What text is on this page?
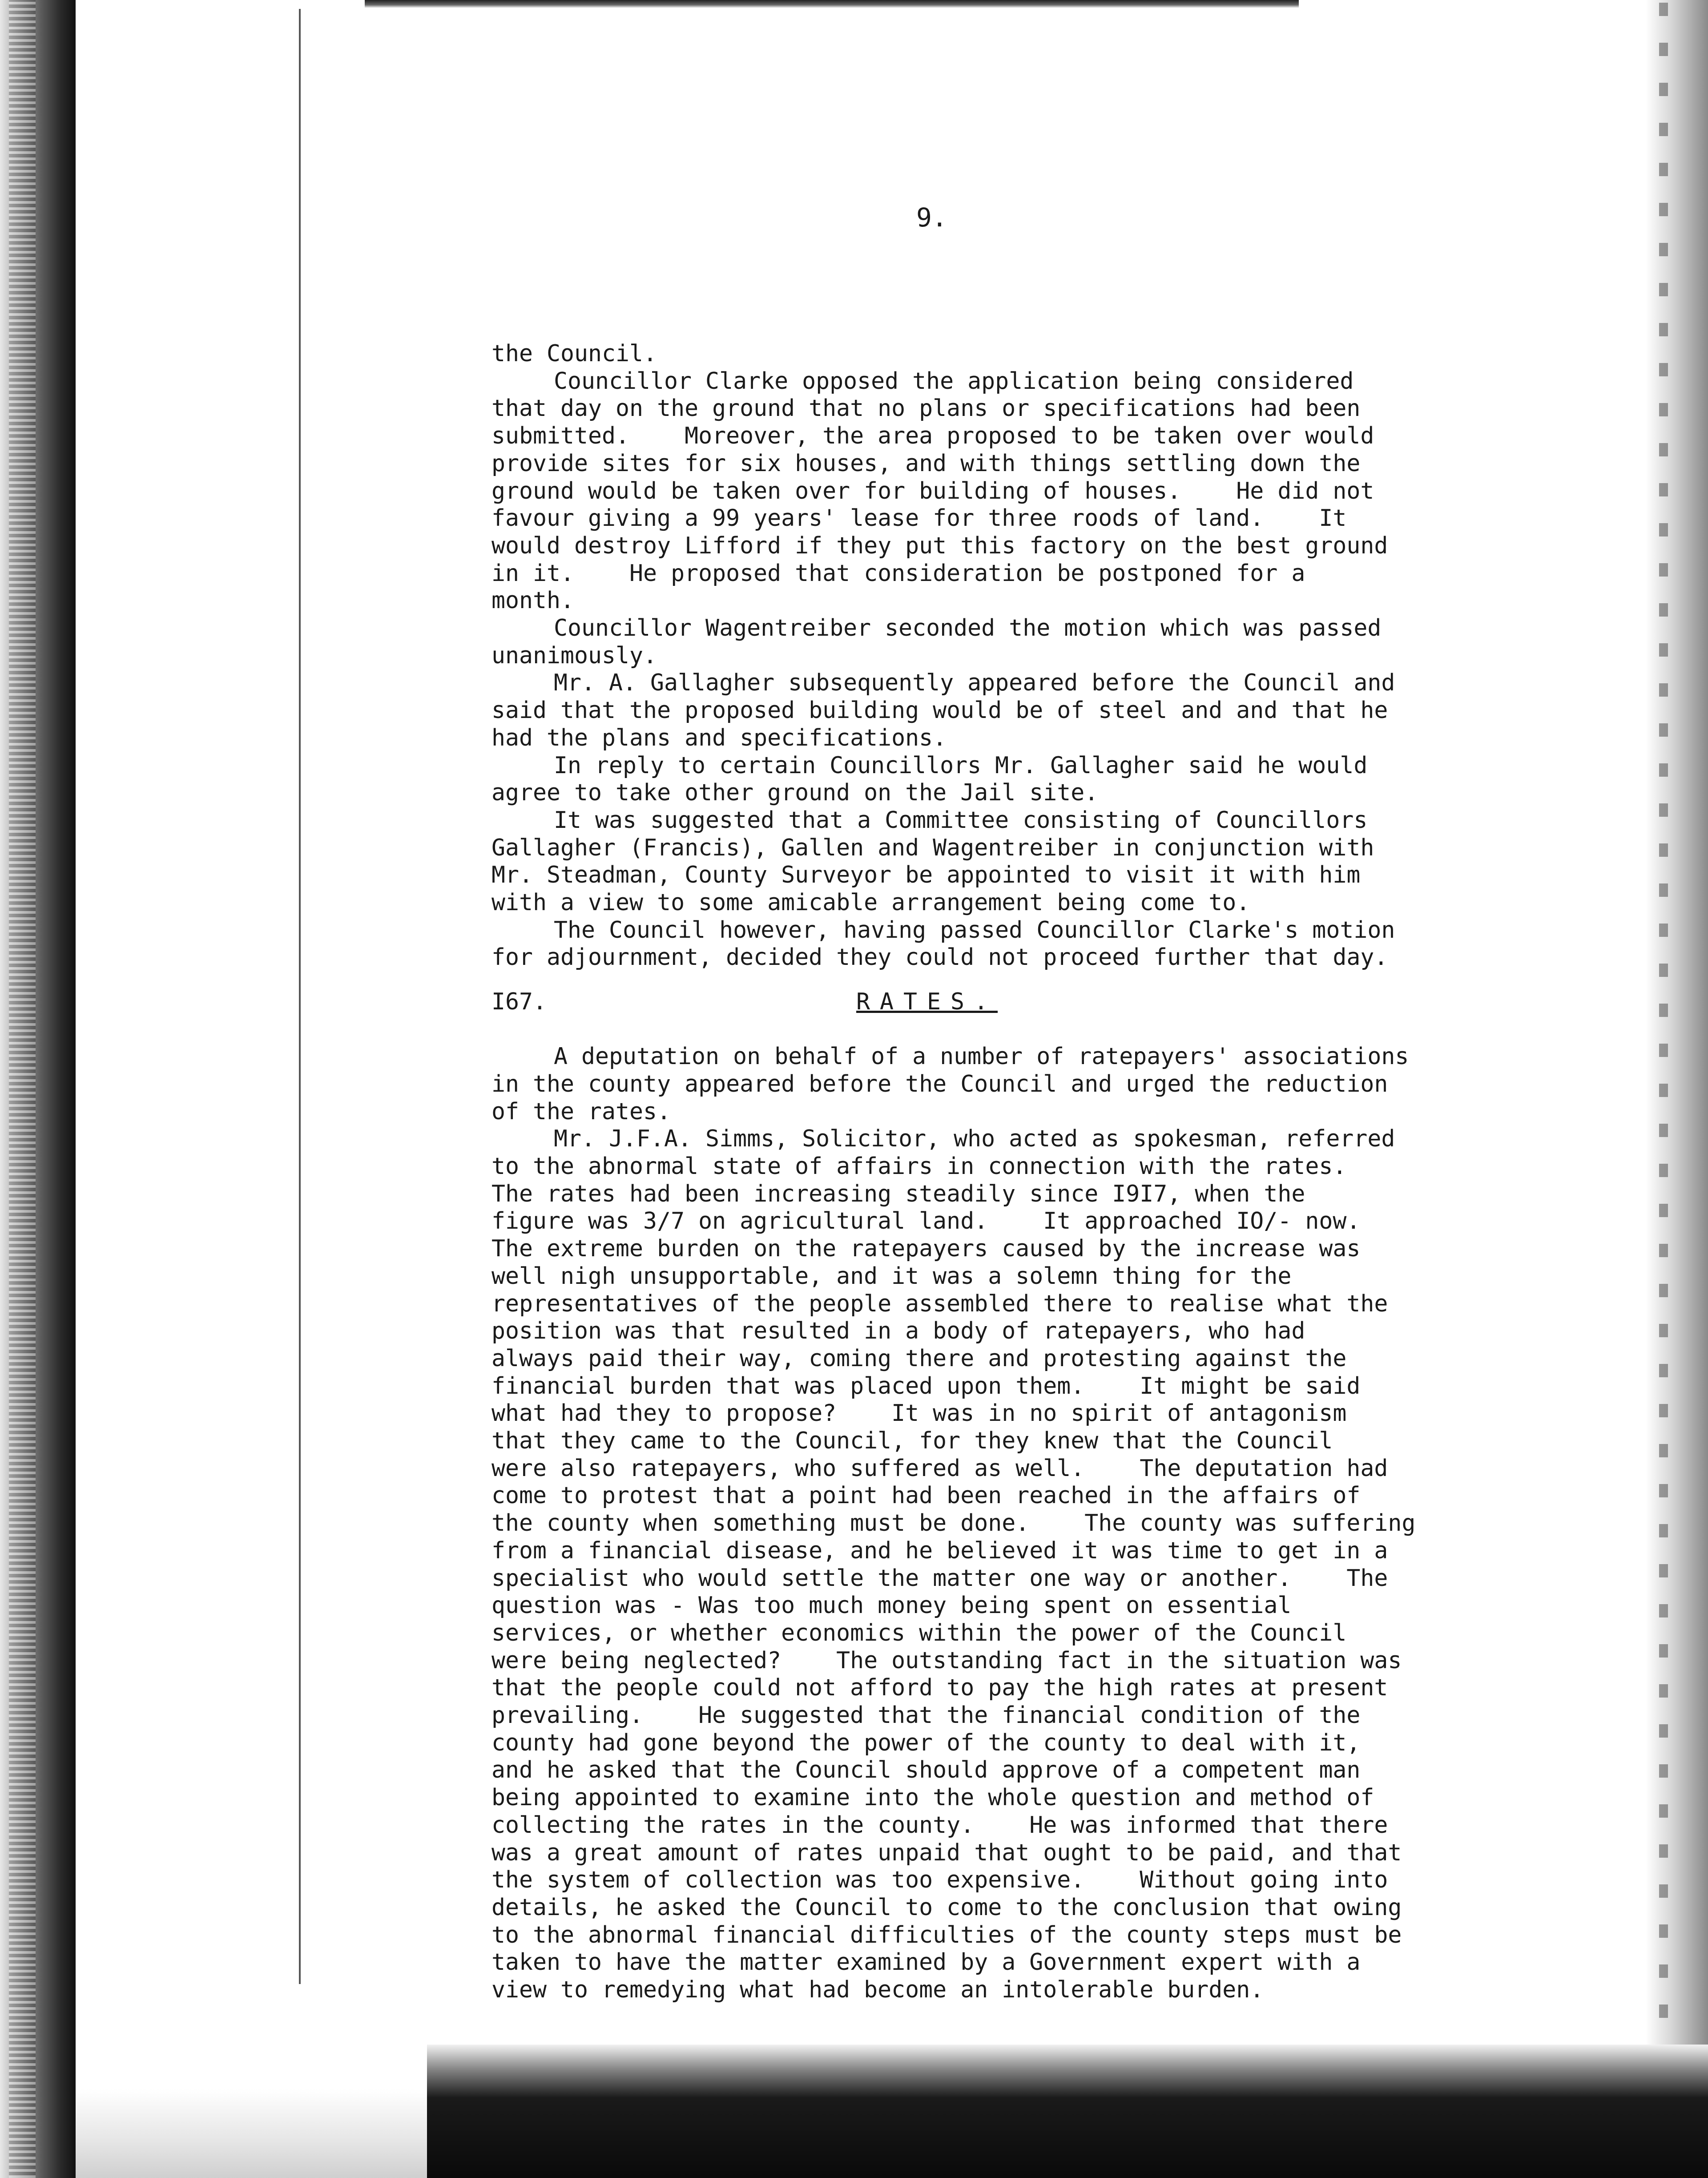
9.

the Council.

Councillor Clarke opposed the application being considered

that day on the ground that no plans or specifications had been

submitted.    Moreover, the area proposed to be taken over would

provide sites for six houses, and with things settling down the

ground would be taken over for building of houses.    He did not

favour giving a 99 years' lease for three roods of land.    It

would destroy Lifford if they put this factory on the best ground

in it.    He proposed that consideration be postponed for a

month.

Councillor Wagentreiber seconded the motion which was passed

unanimously.

Mr. A. Gallagher subsequently appeared before the Council and

said that the proposed building would be of steel and and that he

had the plans and specifications.

In reply to certain Councillors Mr. Gallagher said he would

agree to take other ground on the Jail site.

It was suggested that a Committee consisting of Councillors

Gallagher (Francis), Gallen and Wagentreiber in conjunction with

Mr. Steadman, County Surveyor be appointed to visit it with him

with a view to some amicable arrangement being come to.

The Council however, having passed Councillor Clarke's motion

for adjournment, decided they could not proceed further that day.

I67.	RATES.

A deputation on behalf of a number of ratepayers' associations

in the county appeared before the Council and urged the reduction

of the rates.

Mr. J.F.A. Simms, Solicitor, who acted as spokesman, referred

to the abnormal state of affairs in connection with the rates.

The rates had been increasing steadily since I9I7, when the

figure was 3/7 on agricultural land.    It approached IO/- now.

The extreme burden on the ratepayers caused by the increase was

well nigh unsupportable, and it was a solemn thing for the

representatives of the people assembled there to realise what the

position was that resulted in a body of ratepayers, who had

always paid their way, coming there and protesting against the

financial burden that was placed upon them.    It might be said

what had they to propose?    It was in no spirit of antagonism

that they came to the Council, for they knew that the Council

were also ratepayers, who suffered as well.    The deputation had

come to protest that a point had been reached in the affairs of

the county when something must be done.    The county was suffering

from a financial disease, and he believed it was time to get in a

specialist who would settle the matter one way or another.    The

question was - Was too much money being spent on essential

services, or whether economics within the power of the Council

were being neglected?    The outstanding fact in the situation was

that the people could not afford to pay the high rates at present

prevailing.    He suggested that the financial condition of the

county had gone beyond the power of the county to deal with it,

and he asked that the Council should approve of a competent man

being appointed to examine into the whole question and method of

collecting the rates in the county.    He was informed that there

was a great amount of rates unpaid that ought to be paid, and that

the system of collection was too expensive.    Without going into

details, he asked the Council to come to the conclusion that owing

to the abnormal financial difficulties of the county steps must be

taken to have the matter examined by a Government expert with a

view to remedying what had become an intolerable burden.
